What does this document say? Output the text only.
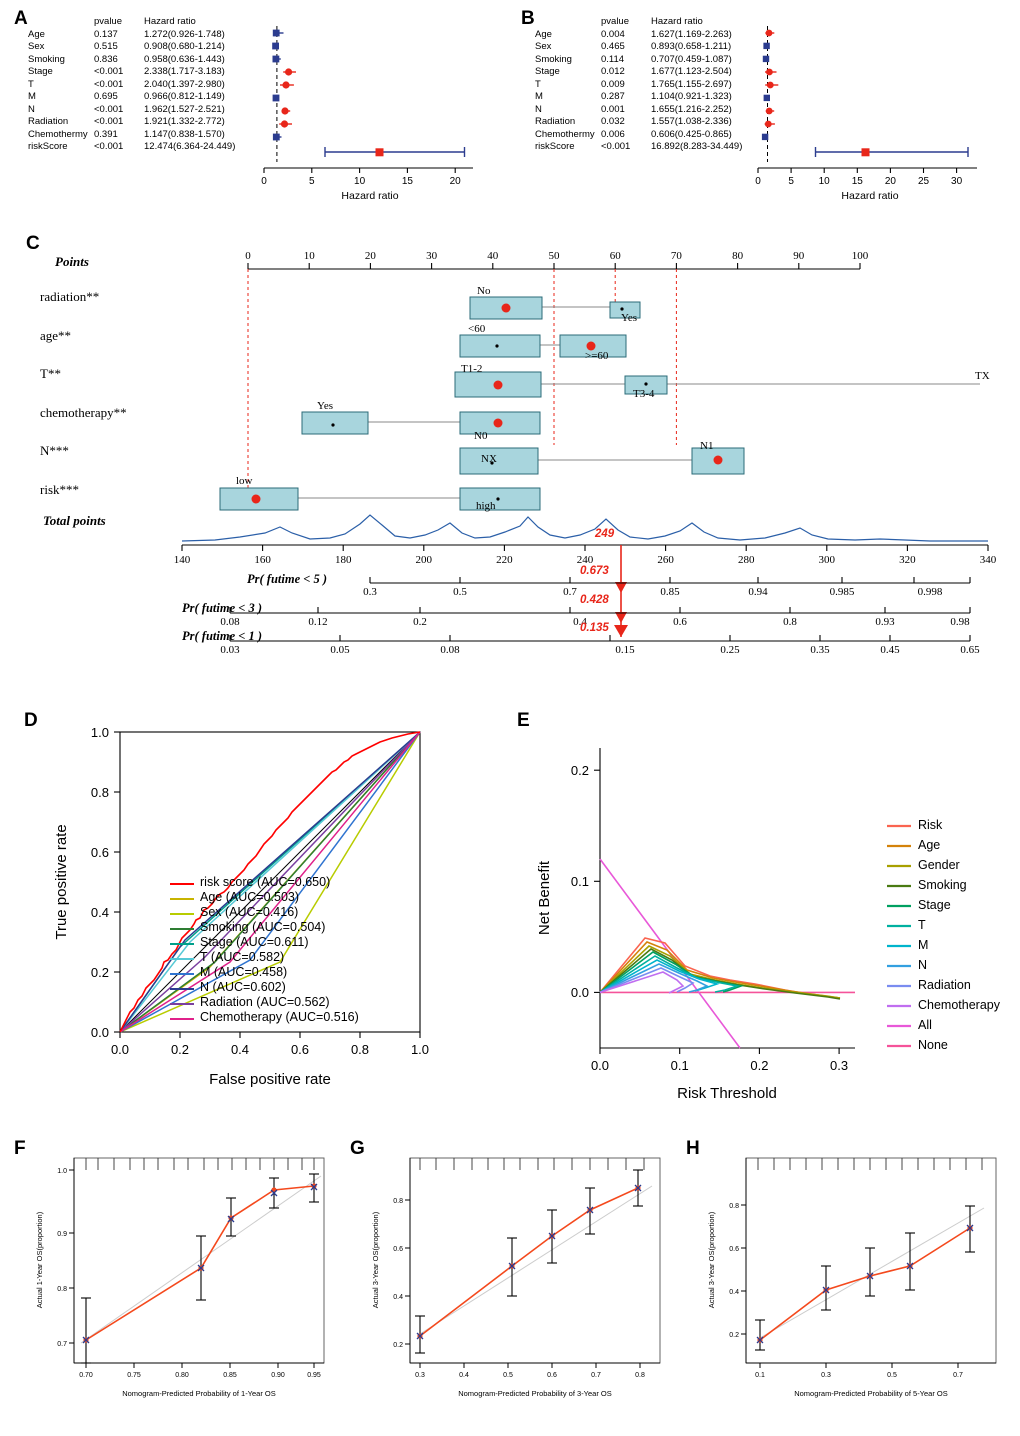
A
		pvalue	Hazard ratio
Age	0.137	1.272(0.926-1.748)
Sex	0.515	0.908(0.680-1.214)
Smoking	0.836	0.958(0.636-1.443)
Stage	<0.001	2.338(1.717-3.183)
T	<0.001	2.040(1.397-2.980)
M	0.695	0.966(0.812-1.149)
N	<0.001	1.962(1.527-2.521)
Radiation	<0.001	1.921(1.332-2.772)
Chemothermy	0.391	1.147(0.838-1.570)
riskScore	<0.001	12.474(6.364-24.449)
0	5	10	15	20
Hazard ratio
B
		pvalue	Hazard ratio
Age	0.004	1.627(1.169-2.263)
Sex	0.465	0.893(0.658-1.211)
Smoking	0.114	0.707(0.459-1.087)
Stage	0.012	1.677(1.123-2.504)
T	0.009	1.765(1.155-2.697)
M	0.287	1.104(0.921-1.323)
N	0.001	1.655(1.216-2.252)
Radiation	0.032	1.557(1.038-2.336)
Chemothermy	0.006	0.606(0.425-0.865)
riskScore	<0.001	16.892(8.283-34.449)
0	5 10 15 20 25 30
Hazard ratio
C
Points
radiation**
age**
T**
chemotherapy**
N***
risk***
Total points
0	10	20	30	40	50	60	70	80	90	100
140	160	180	200	220	240	260	280	300	320	340
0.3	0.5	0.7	0.85	0.94	0.985	0.998
0.08	0.12	0.2	0.4	0.6	0.8	0.93	0.98
0.03	0.05	0.08	0.15	0.25	0.35	0.45	0.65
No
Yes
<60
>=60
T1-2
T3-4
TX
Yes
N0
NX
N1
low
high
Pr( futime < 5 )
Pr( futime < 3 )
Pr( futime < 1 )
249
0.673
0.428
0.135
D
0.0	0.2	0.4	0.6	0.8	1.0
0.0
0.2
0.4
0.6
0.8
1.0
False positive rate
True positive rate	risk score (AUC=0.650)
Age (AUC=0.503)
Sex (AUC=0.416)
Smoking (AUC=0.504)
Stage (AUC=0.611)
T (AUC=0.582)
M (AUC=0.458)
N (AUC=0.602)
Radiation (AUC=0.562)
Chemotherapy (AUC=0.516)
E
0.0	0.1	0.2	0.3
0.0
0.1
0.2
Risk Threshold
Net Benefit
Risk
Age
Gender
Smoking
Stage
T
M
N
Radiation
Chemotherapy
All
None
F
0.70	0.75	0.80	0.85	0.90	0.95
0.7
0.8
0.9
1.0
Nomogram-Predicted Probability of 1-Year OS
Actual 1-Year OS(proportion)
G
0.3	0.4	0.5	0.6	0.7	0.8
0.2
0.4
0.6
0.8
Nomogram-Predicted Probability of 3-Year OS
Actual 3-Year OS(proportion)
H
0.1	0.3	0.5	0.7
0.2
0.4
0.6
0.8
Nomogram-Predicted Probability of 5-Year OS
Actual 3-Year OS(proportion)
